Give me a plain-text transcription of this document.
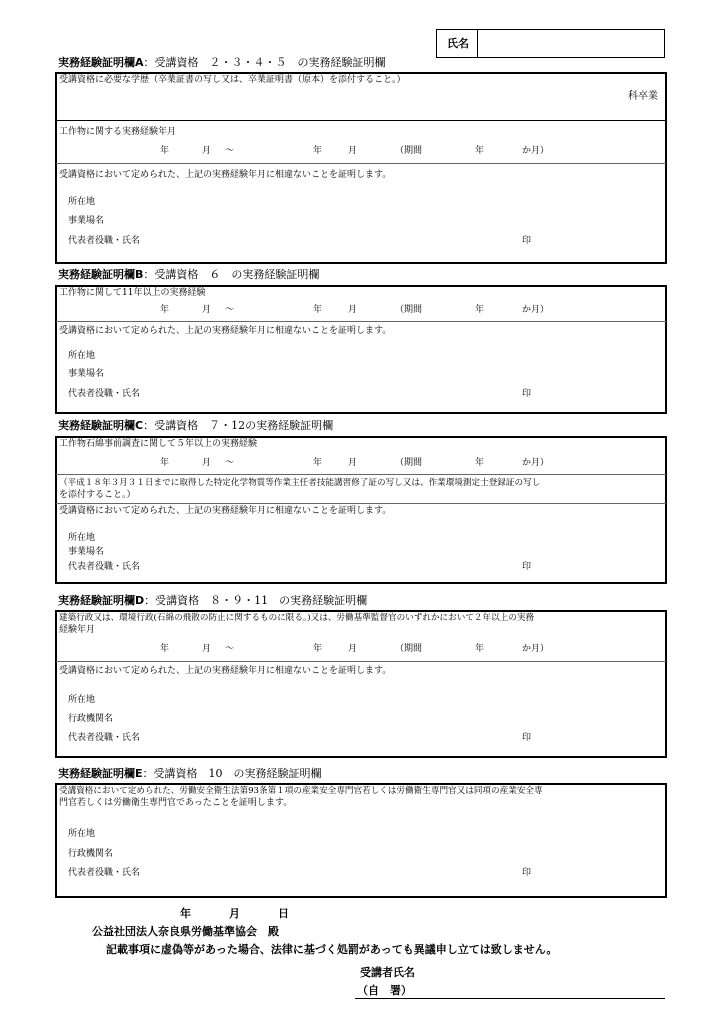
氏名
実務経験証明欄A：受講資格　２・３・４・５　の実務経験証明欄
受講資格に必要な学歴（卒業証書の写し又は、卒業証明書（原本）を添付すること。）
科卒業
工作物に関する実務経験年月
年	月 ～	年	月	（期間	年	か月）
受講資格において定められた、上記の実務経験年月に相違ないことを証明します。
所在地
事業場名
代表者役職・氏名	印
実務経験証明欄B：受講資格　６　の実務経験証明欄
工作物に関して11年以上の実務経験
年	月 ～	年	月	（期間	年	か月）
受講資格において定められた、上記の実務経験年月に相違ないことを証明します。
所在地
事業場名
代表者役職・氏名	印
実務経験証明欄C：受講資格　７・12の実務経験証明欄
工作物石綿事前調査に関して５年以上の実務経験
年	月 ～	年	月	（期間	年	か月）
（平成１８年３月３１日までに取得した特定化学物質等作業主任者技能講習修了証の写し又は、作業環境測定士登録証の写し
を添付すること。）
受講資格において定められた、上記の実務経験年月に相違ないことを証明します。
所在地
事業場名
代表者役職・氏名	印
実務経験証明欄D：受講資格　８・９・11　の実務経験証明欄
建築行政又は、環境行政(石綿の飛散の防止に関するものに限る。)又は、労働基準監督官のいずれかにおいて２年以上の実務
経験年月
年	月 ～	年	月	（期間	年	か月）
受講資格において定められた、上記の実務経験年月に相違ないことを証明します。
所在地
行政機関名
代表者役職・氏名	印
実務経験証明欄E：受講資格　10　の実務経験証明欄
受講資格において定められた、労働安全衛生法第93条第１項の産業安全専門官若しくは労働衛生専門官又は同項の産業安全専
門官若しくは労働衛生専門官であったことを証明します。
所在地
行政機関名
代表者役職・氏名	印
年	月	日
公益社団法人奈良県労働基準協会　殿
記載事項に虚偽等があった場合、法律に基づく処罰があっても異議申し立ては致しません。
受講者氏名
（自　署）
